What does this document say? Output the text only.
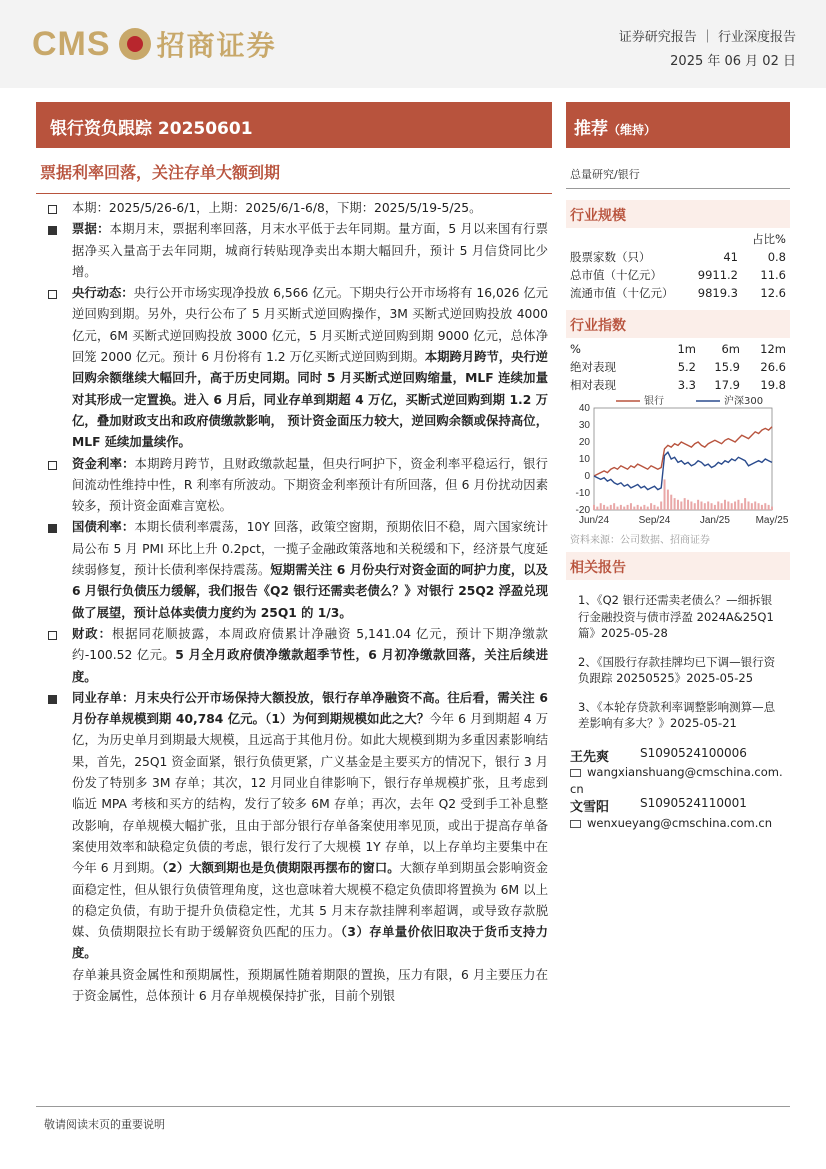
CMS 招商证券	证券研究报告 ｜ 行业深度报告
2025 年 06 月 02 日
银行资负跟踪 20250601	推荐（维持）
票据利率回落，关注存单大额到期	总量研究/银行
本期：2025/5/26-6/1，上期：2025/6/1-6/8，下期：2025/5/19-5/25。
票据：本期月末，票据利率回落，月末水平低于去年同期。量方面，5 月以来国有行票据净买入量高于去年同期，城商行转贴现净卖出本期大幅回升，预计 5 月信贷同比少增。
央行动态：央行公开市场实现净投放 6,566 亿元。下期央行公开市场将有 16,026 亿元逆回购到期。另外，央行公布了 5 月买断式逆回购操作，3M 买断式逆回购投放 4000 亿元，6M 买断式逆回购投放 3000 亿元，5 月买断式逆回购到期 9000 亿元，总体净回笼 2000 亿元。预计 6 月份将有 1.2 万亿买断式逆回购到期。本期跨月跨节，央行逆回购余额继续大幅回升，高于历史同期。同时 5 月买断式逆回购缩量，MLF 连续加量对其形成一定置换。进入 6 月后，同业存单到期超 4 万亿，买断式逆回购到期 1.2 万亿，叠加财政支出和政府债缴款影响， 预计资金面压力较大，逆回购余额或保持高位，MLF 延续加量续作。
资金利率：本期跨月跨节，且财政缴款起量，但央行呵护下，资金利率平稳运行，银行间流动性维持中性，R 利率有所波动。下期资金利率预计有所回落，但 6 月份扰动因素较多，预计资金面难言宽松。
国债利率：本期长债利率震荡，10Y 回落，政策空窗期，预期依旧不稳，周六国家统计局公布 5 月 PMI 环比上升 0.2pct，一揽子金融政策落地和关税缓和下，经济景气度延续弱修复，预计长债利率保持震荡。短期需关注 6 月份央行对资金面的呵护力度，以及 6 月银行负债压力缓解，我们报告《Q2 银行还需卖老债么？》对银行 25Q2 浮盈兑现做了展望，预计总体卖债力度约为 25Q1 的 1/3。
财政：根据同花顺披露，本周政府债累计净融资 5,141.04 亿元，预计下期净缴款约-100.52 亿元。5 月全月政府债净缴款超季节性，6 月初净缴款回落，关注后续进度。
同业存单：月末央行公开市场保持大额投放，银行存单净融资不高。往后看，需关注 6 月份存单规模到期 40,784 亿元。（1）为何到期规模如此之大？今年 6 月到期超 4 万亿，为历史单月到期最大规模，且远高于其他月份。如此大规模到期为多重因素影响结果，首先，25Q1 资金面紧，银行负债更紧，广义基金是主要买方的情况下，银行 3 月份发了特别多 3M 存单；其次，12 月同业自律影响下，银行存单规模扩张，且考虑到临近 MPA 考核和买方的结构，发行了较多 6M 存单；再次，去年 Q2 受到手工补息整改影响，存单规模大幅扩张，且由于部分银行存单备案使用率见顶，或出于提高存单备案使用效率和缺稳定负债的考虑，银行发行了大规模 1Y 存单，以上存单均主要集中在今年 6 月到期。（2）大额到期也是负债期限再摆布的窗口。大额存单到期虽会影响资金面稳定性，但从银行负债管理角度，这也意味着大规模不稳定负债即将置换为 6M 以上的稳定负债，有助于提升负债稳定性，尤其 5 月末存款挂牌利率超调，或导致存款脱媒、负债期限拉长有助于缓解资负匹配的压力。（3）存单量价依旧取决于货币支持力度。
存单兼具资金属性和预期属性，预期属性随着期限的置换，压力有限，6 月主要压力在于资金属性，总体预计 6 月存单规模保持扩张，目前个别银
行业规模
占比%
股票家数（只）	41	0.8
总市值（十亿元）	9911.2	11.6
流通市值（十亿元）	9819.3	12.6
行业指数
%	1m	6m	12m
绝对表现	5.2	15.9	26.6
相对表现	3.3	17.9	19.8
40
30
20
10
0
-10
-20
Jun/24	Sep/24	Jan/25	May/25
银行	沪深300
资料来源：公司数据、招商证券
相关报告
1、《Q2 银行还需卖老债么？—细拆银行金融投资与债市浮盈 2024A&25Q1 篇》2025-05-28
2、《国股行存款挂牌均已下调—银行资负跟踪 20250525》2025-05-25
3、《本轮存贷款利率调整影响测算—息差影响有多大？》2025-05-21
王先爽	S1090524100006
wangxianshuang@cmschina.com.
cn
文雪阳	S1090524110001
wenxueyang@cmschina.com.cn
敬请阅读末页的重要说明
